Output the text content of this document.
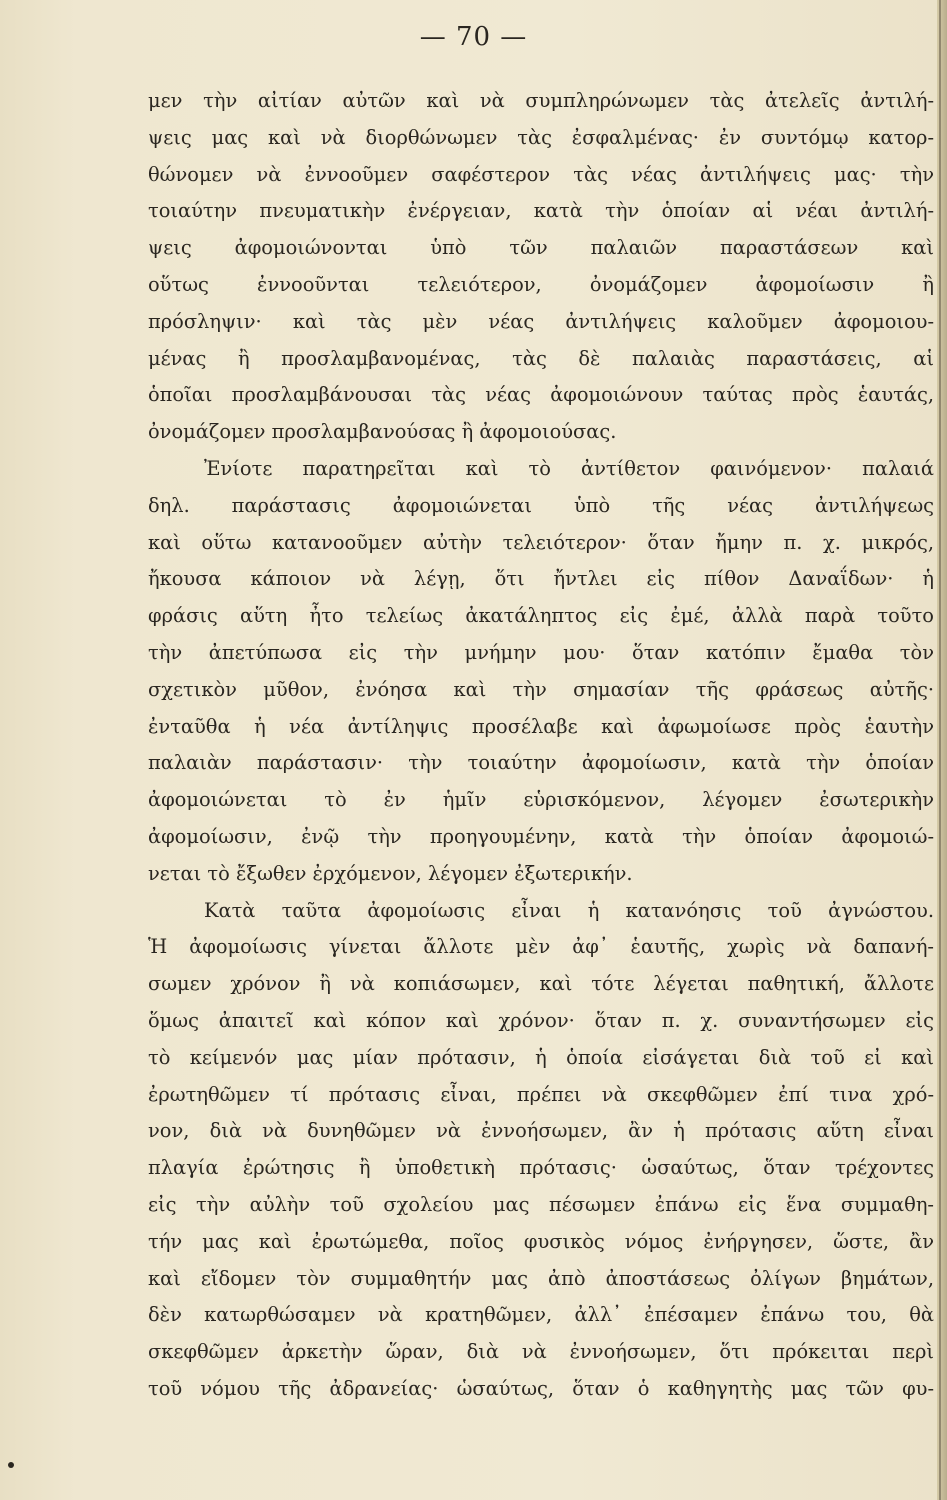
— 70 —
μεν τὴν αἰτίαν αὐτῶν καὶ νὰ συμπληρώνωμεν τὰς ἀτελεῖς ἀντιλή-
ψεις μας καὶ νὰ διορθώνωμεν τὰς ἐσφαλμένας· ἐν συντόμῳ κατορ-
θώνομεν νὰ ἐννοοῦμεν σαφέστερον τὰς νέας ἀντιλήψεις μας· τὴν
τοιαύτην πνευματικὴν ἐνέργειαν, κατὰ τὴν ὁποίαν αἱ νέαι ἀντιλή-
ψεις ἀφομοιώνονται ὑπὸ τῶν παλαιῶν παραστάσεων καὶ
οὕτως ἐννοοῦνται τελειότερον, ὀνομάζομεν ἀφομοίωσιν ἢ
πρόσληψιν· καὶ τὰς μὲν νέας ἀντιλήψεις καλοῦμεν ἀφομοιου-
μένας ἢ προσλαμβανομένας, τὰς δὲ παλαιὰς παραστάσεις, αἱ
ὁποῖαι προσλαμβάνουσαι τὰς νέας ἀφομοιώνουν ταύτας πρὸς ἑαυτάς,
ὀνομάζομεν προσλαμβανούσας ἢ ἀφομοιούσας.
Ἐνίοτε παρατηρεῖται καὶ τὸ ἀντίθετον φαινόμενον· παλαιά
δηλ. παράστασις ἀφομοιώνεται ὑπὸ τῆς νέας ἀντιλήψεως
καὶ οὕτω κατανοοῦμεν αὐτὴν τελειότερον· ὅταν ἤμην π. χ. μικρός,
ἤκουσα κάποιον νὰ λέγῃ, ὅτι ἤντλει εἰς πίθον Δαναΐδων· ἡ
φράσις αὕτη ἦτο τελείως ἀκατάληπτος εἰς ἐμέ, ἀλλὰ παρὰ τοῦτο
τὴν ἀπετύπωσα εἰς τὴν μνήμην μου· ὅταν κατόπιν ἔμαθα τὸν
σχετικὸν μῦθον, ἐνόησα καὶ τὴν σημασίαν τῆς φράσεως αὐτῆς·
ἐνταῦθα ἡ νέα ἀντίληψις προσέλαβε καὶ ἀφωμοίωσε πρὸς ἑαυτὴν
παλαιὰν παράστασιν· τὴν τοιαύτην ἀφομοίωσιν, κατὰ τὴν ὁποίαν
ἀφομοιώνεται τὸ ἐν ἡμῖν εὑρισκόμενον, λέγομεν ἐσωτερικὴν
ἀφομοίωσιν, ἐνῷ τὴν προηγουμένην, κατὰ τὴν ὁποίαν ἀφομοιώ-
νεται τὸ ἔξωθεν ἐρχόμενον, λέγομεν ἐξωτερικήν.
Κατὰ ταῦτα ἀφομοίωσις εἶναι ἡ κατανόησις τοῦ ἀγνώστου.
Ἡ ἀφομοίωσις γίνεται ἄλλοτε μὲν ἀφ᾽ ἑαυτῆς, χωρὶς νὰ δαπανή-
σωμεν χρόνον ἢ νὰ κοπιάσωμεν, καὶ τότε λέγεται παθητική, ἄλλοτε
ὅμως ἀπαιτεῖ καὶ κόπον καὶ χρόνον· ὅταν π. χ. συναντήσωμεν εἰς
τὸ κείμενόν μας μίαν πρότασιν, ἡ ὁποία εἰσάγεται διὰ τοῦ εἰ καὶ
ἐρωτηθῶμεν τί πρότασις εἶναι, πρέπει νὰ σκεφθῶμεν ἐπί τινα χρό-
νον, διὰ νὰ δυνηθῶμεν νὰ ἐννοήσωμεν, ἂν ἡ πρότασις αὕτη εἶναι
πλαγία ἐρώτησις ἢ ὑποθετικὴ πρότασις· ὡσαύτως, ὅταν τρέχοντες
εἰς τὴν αὐλὴν τοῦ σχολείου μας πέσωμεν ἐπάνω εἰς ἕνα συμμαθη-
τήν μας καὶ ἐρωτώμεθα, ποῖος φυσικὸς νόμος ἐνήργησεν, ὥστε, ἂν
καὶ εἴδομεν τὸν συμμαθητήν μας ἀπὸ ἀποστάσεως ὀλίγων βημάτων,
δὲν κατωρθώσαμεν νὰ κρατηθῶμεν, ἀλλ᾽ ἐπέσαμεν ἐπάνω του, θὰ
σκεφθῶμεν ἀρκετὴν ὥραν, διὰ νὰ ἐννοήσωμεν, ὅτι πρόκειται περὶ
τοῦ νόμου τῆς ἀδρανείας· ὡσαύτως, ὅταν ὁ καθηγητὴς μας τῶν φυ-
